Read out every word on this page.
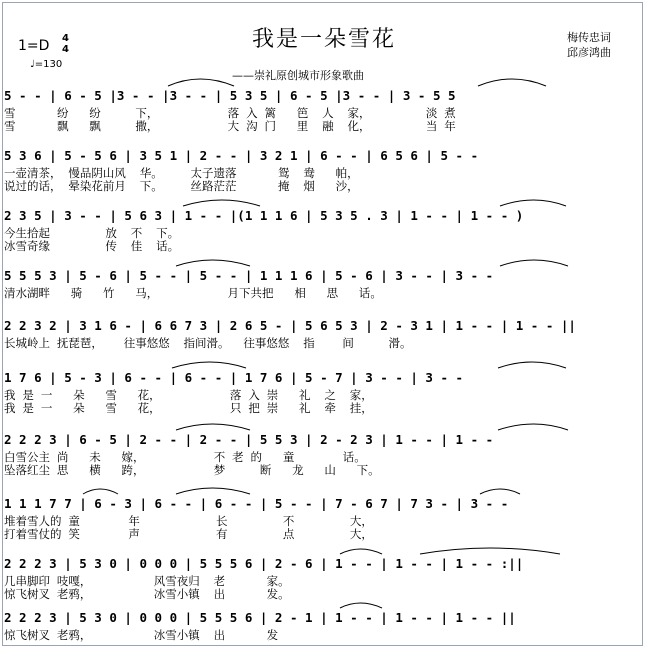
我是一朵雪花
——崇礼原创城市形象歌曲
1=D 4
4
♩=130
梅传忠词
邱彦鸿曲
5 - - | 6 - 5 |3 - - |3 - - | 5 3 5 | 6 - 5 |3 - - | 3 - 5 5
雪      纷   纷     下，          落 入 篱   笆  人  家，        淡 煮
雪      飘   飘     撒，          大 沟 门   里  融  化，        当 年
5 3 6 | 5 - 5 6 | 3 5 1 | 2 - - | 3 2 1 | 6 - - | 6 5 6 | 5 - -
一壶清茶， 慢品阴山风  华。    太子遗落      鸳  鸯   帕，
说过的话， 晕染花前月  下。    丝路茫茫      掩  烟   沙，
2 3 5 | 3 - - | 5 6 3 | 1 - - |(1 1 1 6 | 5 3 5 . 3 | 1 - - | 1 - - )
今生拾起        放  不  下。
冰雪奇缘        传  佳  话。
5 5 5 3 | 5 - 6 | 5 - - | 5 - - | 1 1 1 6 | 5 - 6 | 3 - - | 3 - -
清水湖畔   骑   竹   马，          月下共把   相   思   话。
2 2 3 2 | 3 1 6 - | 6 6 7 3 | 2 6 5 - | 5 6 5 3 | 2 - 3 1 | 1 - - | 1 - - ||
长城岭上 抚琵琶，   往事悠悠  指间滑。  往事悠悠  指    间     滑。
1 7 6 | 5 - 3 | 6 - - | 6 - - | 1 7 6 | 5 - 7 | 3 - - | 3 - -
我 是 一   朵   雪   花，          落 入 崇   礼  之  家，
我 是 一   朵   雪   花，          只 把 崇   礼  牵  挂，
2 2 2 3 | 6 - 5 | 2 - - | 2 - - | 5 5 3 | 2 - 2 3 | 1 - - | 1 - -
白雪公主 尚   未   嫁，          不 老 的   童       话。
坠落红尘 思   横   跨，          梦     断   龙   山   下。
1 1 1 7 7 | 6 - 3 | 6 - - | 6 - - | 5 - - | 7 - 6 7 | 7 3 - | 3 - -
堆着雪人的 童       年           长        不        大，
打着雪仗的 笑       声           有        点        大，
2 2 2 3 | 5 3 0 | 0 0 0 | 5 5 5 6 | 2 - 6 | 1 - - | 1 - - | 1 - - :||
几串脚印 吱嘎，         风雪夜归  老      家。
惊飞树叉 老鸦，         冰雪小镇  出      发。
2 2 2 3 | 5 3 0 | 0 0 0 | 5 5 5 6 | 2 - 1 | 1 - - | 1 - - | 1 - - ||
惊飞树叉 老鸦，         冰雪小镇  出      发
